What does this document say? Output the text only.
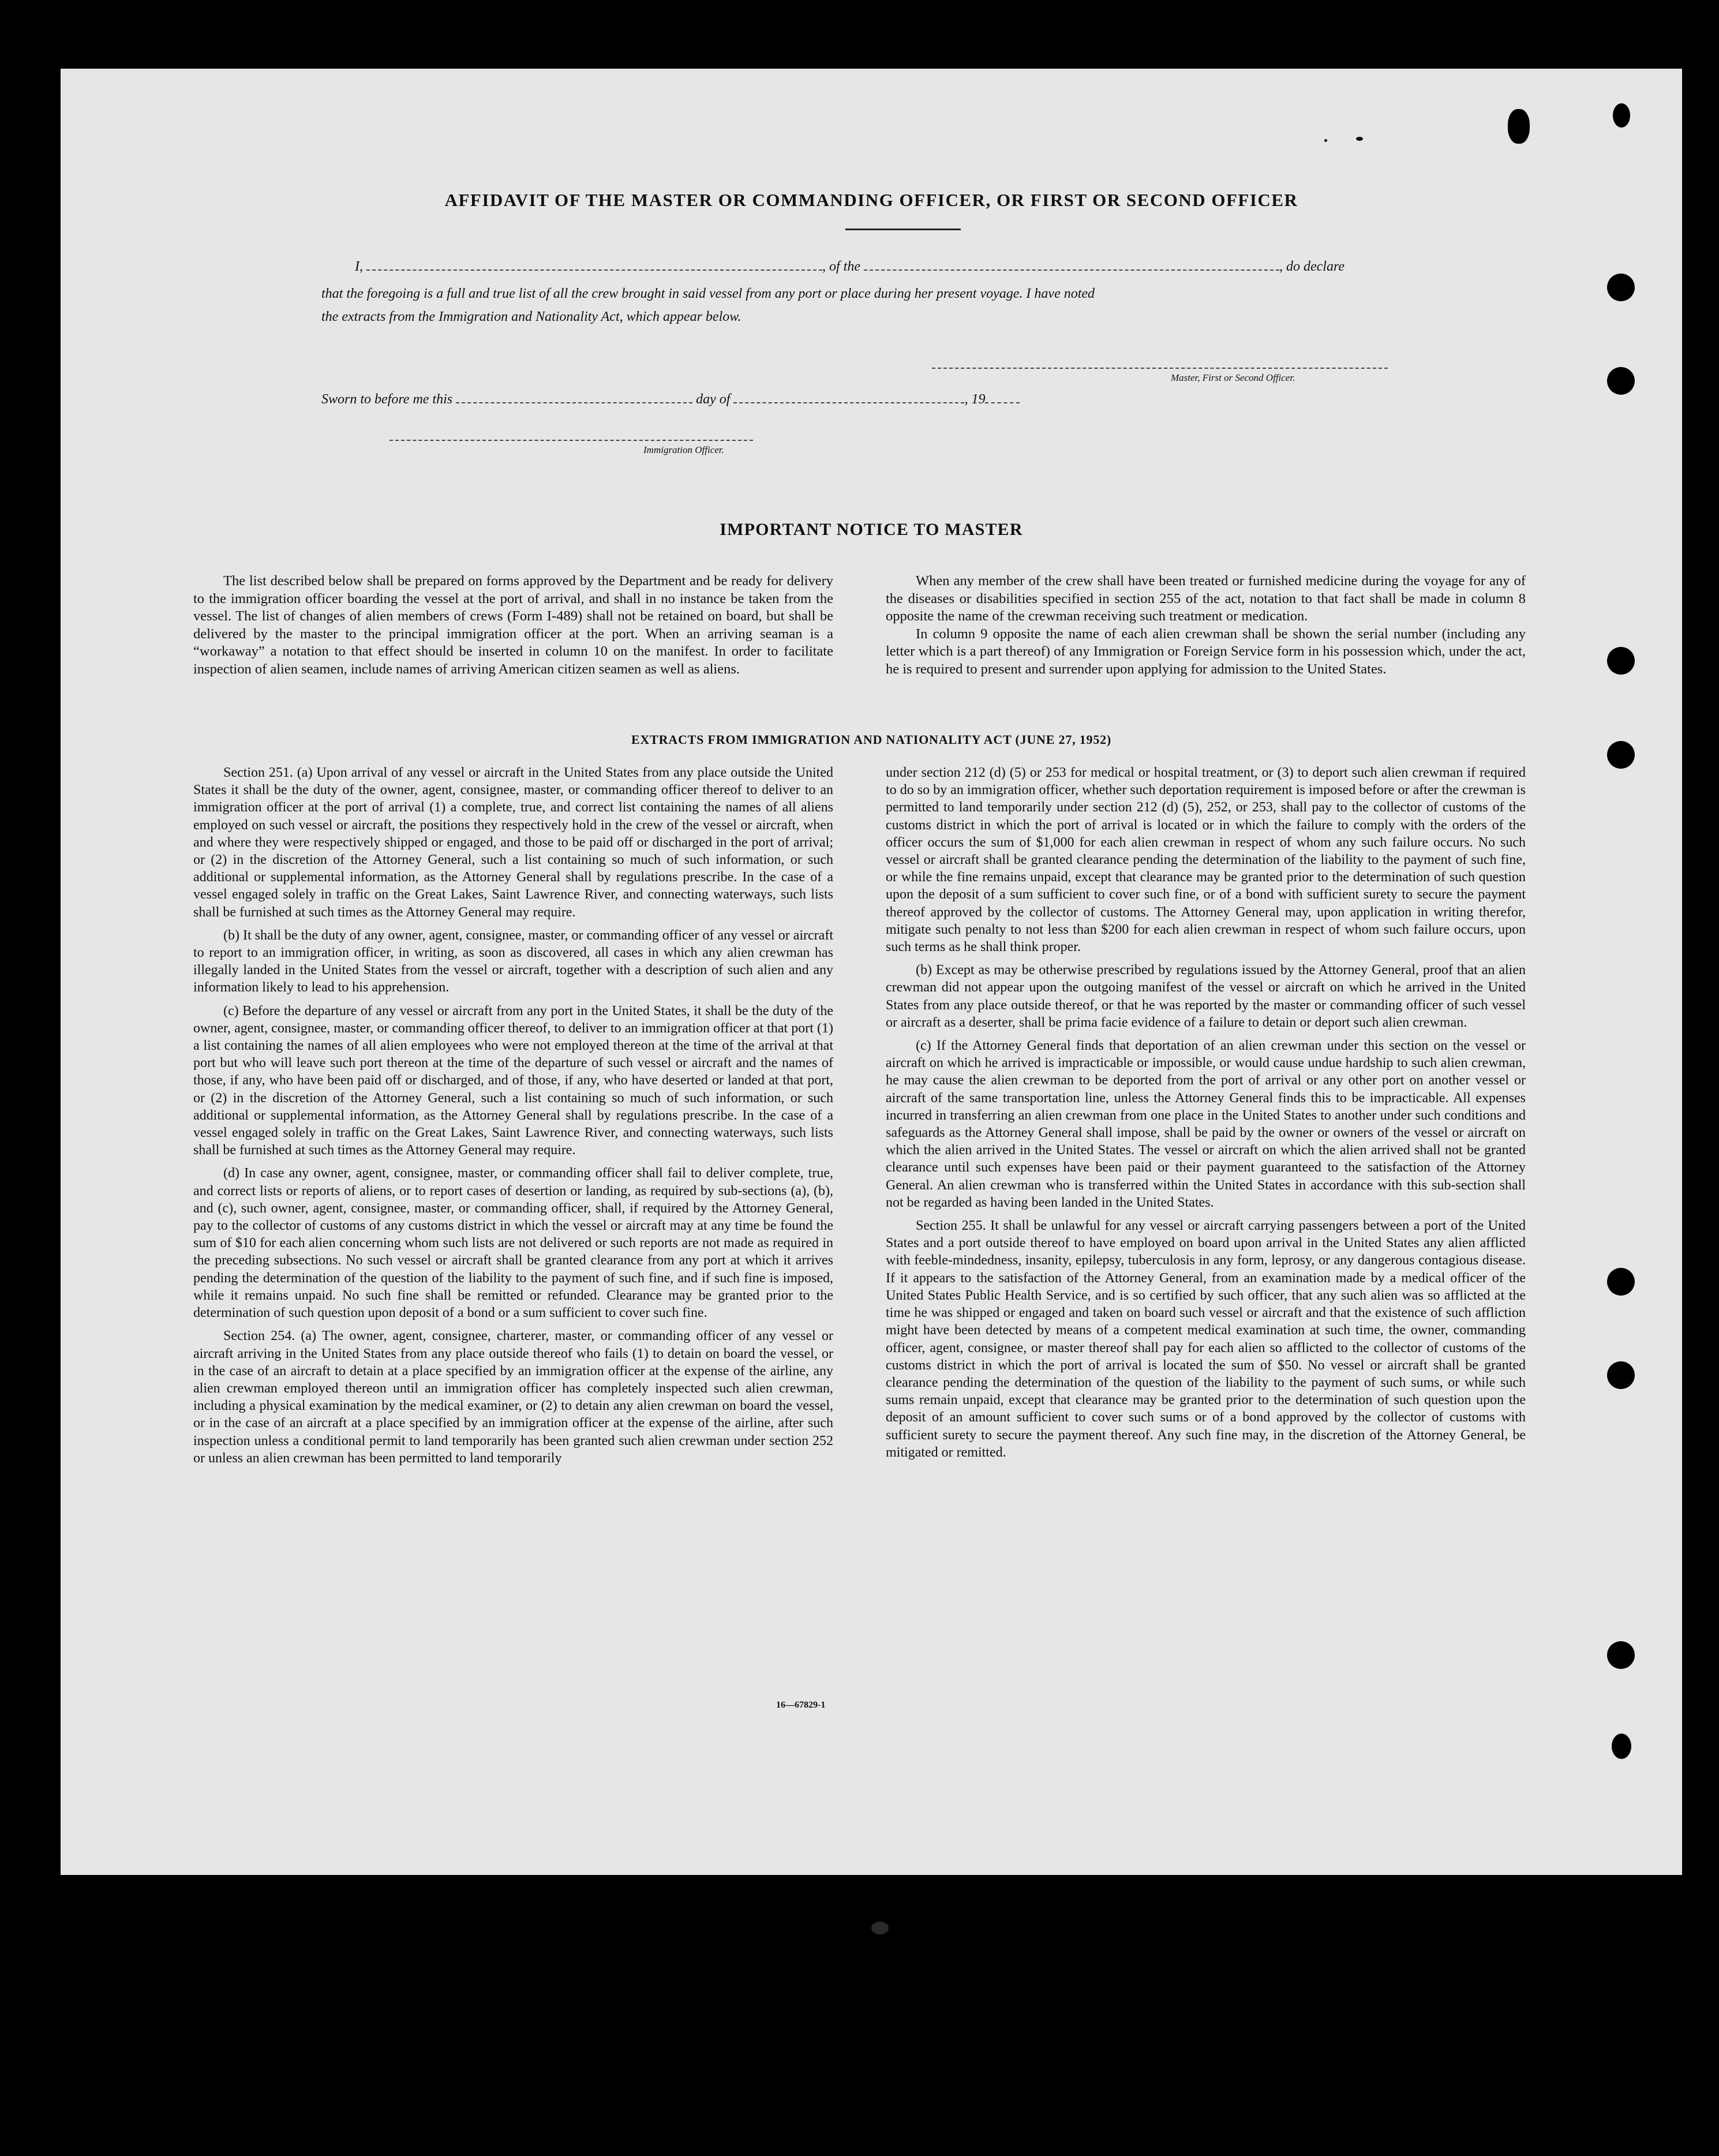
AFFIDAVIT OF THE MASTER OR COMMANDING OFFICER, OR FIRST OR SECOND OFFICER
I,	, of the	, do declare
that the foregoing is a full and true list of all the crew brought in said vessel from any port or place during her present voyage. I have noted
the extracts from the Immigration and Nationality Act, which appear below.
Master, First or Second Officer.
Sworn to before me this	day of	, 19
Immigration Officer.
IMPORTANT NOTICE TO MASTER

The list described below shall be prepared on forms approved by the Department and be ready for delivery to the immigration officer boarding the vessel at the port of arrival, and shall in no instance be taken from the vessel. The list of changes of alien members of crews (Form I-489) shall not be retained on board, but shall be delivered by the master to the principal immigration officer at the port. When an arriving seaman is a “workaway” a notation to that effect should be inserted in column 10 on the manifest. In order to facilitate inspection of alien seamen, include names of arriving American citizen seamen as well as aliens.

When any member of the crew shall have been treated or furnished medicine during the voyage for any of the diseases or disabilities specified in section 255 of the act, notation to that fact shall be made in column 8 opposite the name of the crewman receiving such treatment or medication.

In column 9 opposite the name of each alien crewman shall be shown the serial number (including any letter which is a part thereof) of any Immigration or Foreign Service form in his possession which, under the act, he is required to present and surrender upon applying for admission to the United States.

EXTRACTS FROM IMMIGRATION AND NATIONALITY ACT (JUNE 27, 1952)

Section 251. (a) Upon arrival of any vessel or aircraft in the United States from any place outside the United States it shall be the duty of the owner, agent, consignee, master, or commanding officer thereof to deliver to an immigration officer at the port of arrival (1) a complete, true, and correct list containing the names of all aliens employed on such vessel or aircraft, the positions they respectively hold in the crew of the vessel or aircraft, when and where they were respectively shipped or engaged, and those to be paid off or discharged in the port of arrival; or (2) in the discretion of the Attorney General, such a list containing so much of such information, or such additional or supplemental information, as the Attorney General shall by regulations prescribe. In the case of a vessel engaged solely in traffic on the Great Lakes, Saint Lawrence River, and connecting waterways, such lists shall be furnished at such times as the Attorney General may require.

(b) It shall be the duty of any owner, agent, consignee, master, or commanding officer of any vessel or aircraft to report to an immigration officer, in writing, as soon as discovered, all cases in which any alien crewman has illegally landed in the United States from the vessel or aircraft, together with a description of such alien and any information likely to lead to his apprehension.

(c) Before the departure of any vessel or aircraft from any port in the United States, it shall be the duty of the owner, agent, consignee, master, or commanding officer thereof, to deliver to an immigration officer at that port (1) a list containing the names of all alien employees who were not employed thereon at the time of the arrival at that port but who will leave such port thereon at the time of the departure of such vessel or aircraft and the names of those, if any, who have been paid off or discharged, and of those, if any, who have deserted or landed at that port, or (2) in the discretion of the Attorney General, such a list containing so much of such information, or such additional or supplemental information, as the Attorney General shall by regulations prescribe. In the case of a vessel engaged solely in traffic on the Great Lakes, Saint Lawrence River, and connecting waterways, such lists shall be furnished at such times as the Attorney General may require.

(d) In case any owner, agent, consignee, master, or commanding officer shall fail to deliver complete, true, and correct lists or reports of aliens, or to report cases of desertion or landing, as required by sub-sections (a), (b), and (c), such owner, agent, consignee, master, or commanding officer, shall, if required by the Attorney General, pay to the collector of customs of any customs district in which the vessel or aircraft may at any time be found the sum of $10 for each alien concerning whom such lists are not delivered or such reports are not made as required in the preceding subsections. No such vessel or aircraft shall be granted clearance from any port at which it arrives pending the determination of the question of the liability to the payment of such fine, and if such fine is imposed, while it remains unpaid. No such fine shall be remitted or refunded. Clearance may be granted prior to the determination of such question upon deposit of a bond or a sum sufficient to cover such fine.

Section 254. (a) The owner, agent, consignee, charterer, master, or commanding officer of any vessel or aircraft arriving in the United States from any place outside thereof who fails (1) to detain on board the vessel, or in the case of an aircraft to detain at a place specified by an immigration officer at the expense of the airline, any alien crewman employed thereon until an immigration officer has completely inspected such alien crewman, including a physical examination by the medical examiner, or (2) to detain any alien crewman on board the vessel, or in the case of an aircraft at a place specified by an immigration officer at the expense of the airline, after such inspection unless a conditional permit to land temporarily has been granted such alien crewman under section 252 or unless an alien crewman has been permitted to land temporarily

under section 212 (d) (5) or 253 for medical or hospital treatment, or (3) to deport such alien crewman if required to do so by an immigration officer, whether such deportation requirement is imposed before or after the crewman is permitted to land temporarily under section 212 (d) (5), 252, or 253, shall pay to the collector of customs of the customs district in which the port of arrival is located or in which the failure to comply with the orders of the officer occurs the sum of $1,000 for each alien crewman in respect of whom any such failure occurs. No such vessel or aircraft shall be granted clearance pending the determination of the liability to the payment of such fine, or while the fine remains unpaid, except that clearance may be granted prior to the determination of such question upon the deposit of a sum sufficient to cover such fine, or of a bond with sufficient surety to secure the payment thereof approved by the collector of customs. The Attorney General may, upon application in writing therefor, mitigate such penalty to not less than $200 for each alien crewman in respect of whom such failure occurs, upon such terms as he shall think proper.

(b) Except as may be otherwise prescribed by regulations issued by the Attorney General, proof that an alien crewman did not appear upon the outgoing manifest of the vessel or aircraft on which he arrived in the United States from any place outside thereof, or that he was reported by the master or commanding officer of such vessel or aircraft as a deserter, shall be prima facie evidence of a failure to detain or deport such alien crewman.

(c) If the Attorney General finds that deportation of an alien crewman under this section on the vessel or aircraft on which he arrived is impracticable or impossible, or would cause undue hardship to such alien crewman, he may cause the alien crewman to be deported from the port of arrival or any other port on another vessel or aircraft of the same transportation line, unless the Attorney General finds this to be impracticable. All expenses incurred in transferring an alien crewman from one place in the United States to another under such conditions and safeguards as the Attorney General shall impose, shall be paid by the owner or owners of the vessel or aircraft on which the alien arrived in the United States. The vessel or aircraft on which the alien arrived shall not be granted clearance until such expenses have been paid or their payment guaranteed to the satisfaction of the Attorney General. An alien crewman who is transferred within the United States in accordance with this sub-section shall not be regarded as having been landed in the United States.

Section 255. It shall be unlawful for any vessel or aircraft carrying passengers between a port of the United States and a port outside thereof to have employed on board upon arrival in the United States any alien afflicted with feeble-mindedness, insanity, epilepsy, tuberculosis in any form, leprosy, or any dangerous contagious disease. If it appears to the satisfaction of the Attorney General, from an examination made by a medical officer of the United States Public Health Service, and is so certified by such officer, that any such alien was so afflicted at the time he was shipped or engaged and taken on board such vessel or aircraft and that the existence of such affliction might have been detected by means of a competent medical examination at such time, the owner, commanding officer, agent, consignee, or master thereof shall pay for each alien so afflicted to the collector of customs of the customs district in which the port of arrival is located the sum of $50. No vessel or aircraft shall be granted clearance pending the determination of the question of the liability to the payment of such sums, or while such sums remain unpaid, except that clearance may be granted prior to the determination of such question upon the deposit of an amount sufficient to cover such sums or of a bond approved by the collector of customs with sufficient surety to secure the payment thereof. Any such fine may, in the discretion of the Attorney General, be mitigated or remitted.

16—67829-1
